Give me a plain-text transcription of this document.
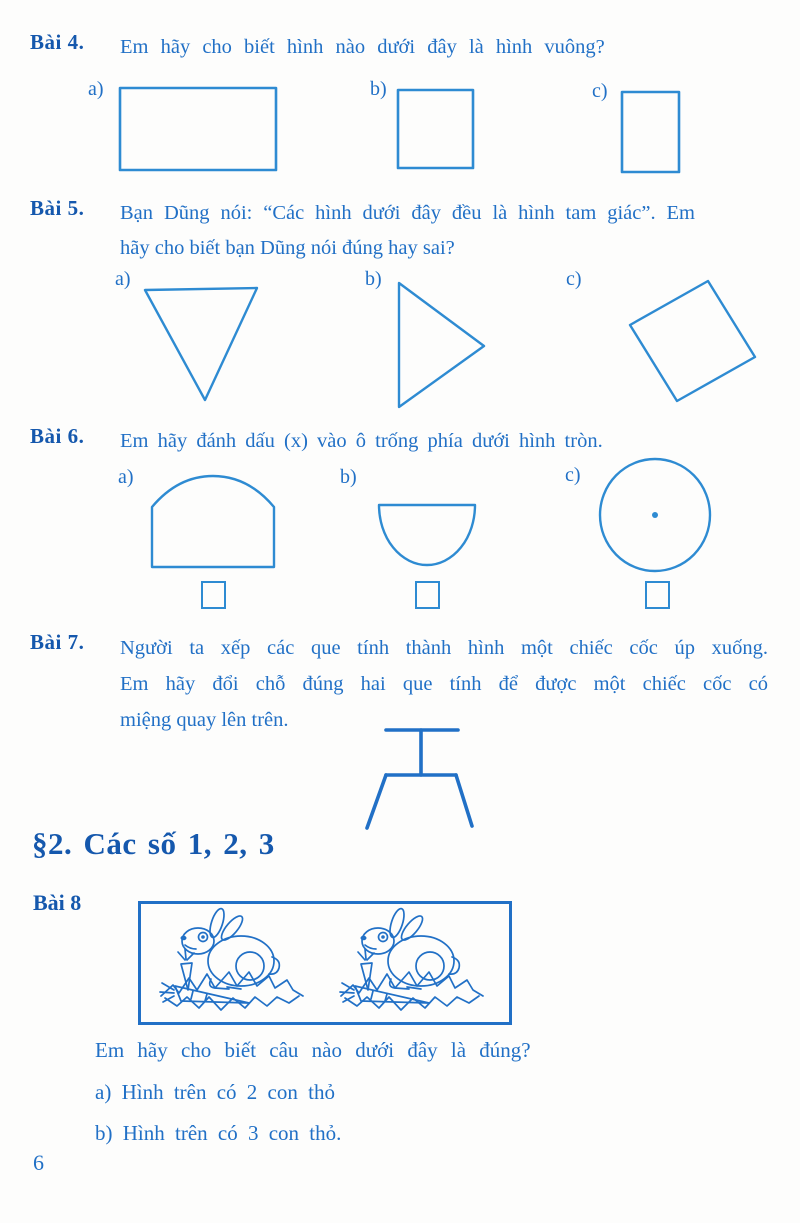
Bài 4.	Em hãy cho biết hình nào dưới đây là hình vuông?
a)	b)	c)
Bài 5.	Bạn Dũng nói: “Các hình dưới đây đều là hình tam giác”. Em
hãy cho biết bạn Dũng nói đúng hay sai?
a)	b)	c)
Bài 6.	Em hãy đánh dấu (x) vào ô trống phía dưới hình tròn.
a)	b)	c)
Bài 7.	Người ta xếp các que tính thành hình một chiếc cốc úp xuống.
Em hãy đổi chỗ đúng hai que tính để được một chiếc cốc có
miệng quay lên trên.
§2. Các số 1, 2, 3
Bài 8
Em hãy cho biết câu nào dưới đây là đúng?
a) Hình trên có 2 con thỏ
b) Hình trên có 3 con thỏ.
6
